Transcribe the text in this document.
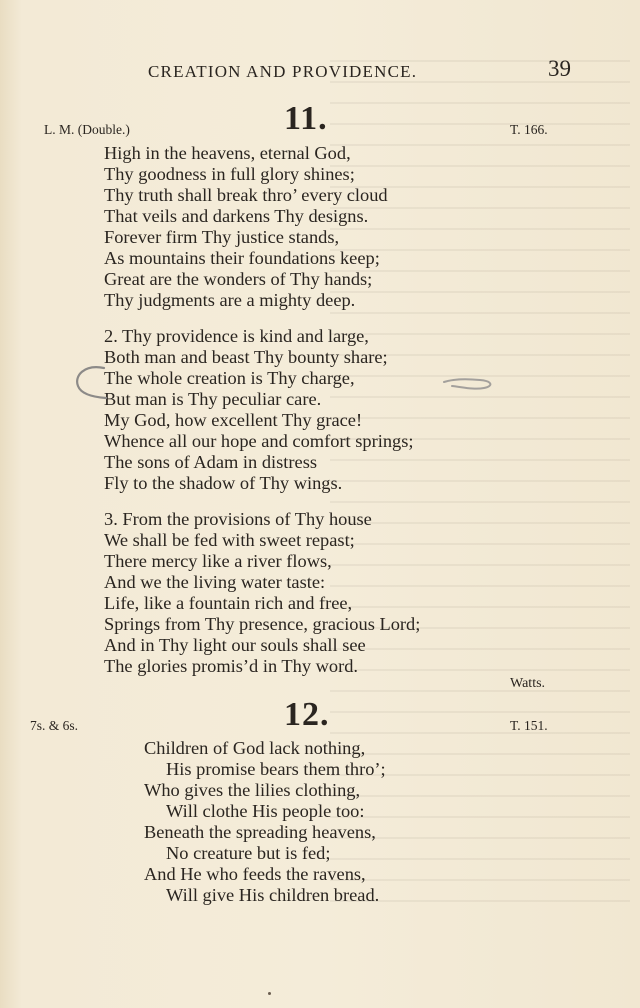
CREATION AND PROVIDENCE.	39
L. M. (Double.)	11.	T. 166.
High in the heavens, eternal God,
Thy goodness in full glory shines;
Thy truth shall break thro’ every cloud
That veils and darkens Thy designs.
Forever firm Thy justice stands,
As mountains their foundations keep;
Great are the wonders of Thy hands;
Thy judgments are a mighty deep.
2. Thy providence is kind and large,
Both man and beast Thy bounty share;
The whole creation is Thy charge,
But man is Thy peculiar care.
My God, how excellent Thy grace!
Whence all our hope and comfort springs;
The sons of Adam in distress
Fly to the shadow of Thy wings.
3. From the provisions of Thy house
We shall be fed with sweet repast;
There mercy like a river flows,
And we the living water taste:
Life, like a fountain rich and free,
Springs from Thy presence, gracious Lord;
And in Thy light our souls shall see
The glories promis’d in Thy word.
Watts.
7s. & 6s.	12.	T. 151.
Children of God lack nothing,
His promise bears them thro’;
Who gives the lilies clothing,
Will clothe His people too:
Beneath the spreading heavens,
No creature but is fed;
And He who feeds the ravens,
Will give His children bread.
